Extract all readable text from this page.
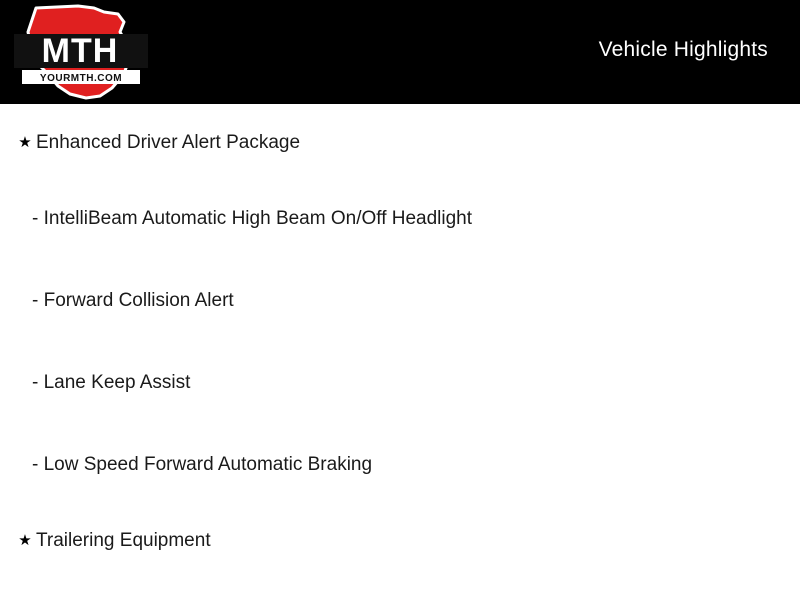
MTH
YOURMTH.COM
Vehicle Highlights
★ Enhanced Driver Alert Package
- IntelliBeam Automatic High Beam On/Off Headlight
- Forward Collision Alert
- Lane Keep Assist
- Low Speed Forward Automatic Braking
★ Trailering Equipment
